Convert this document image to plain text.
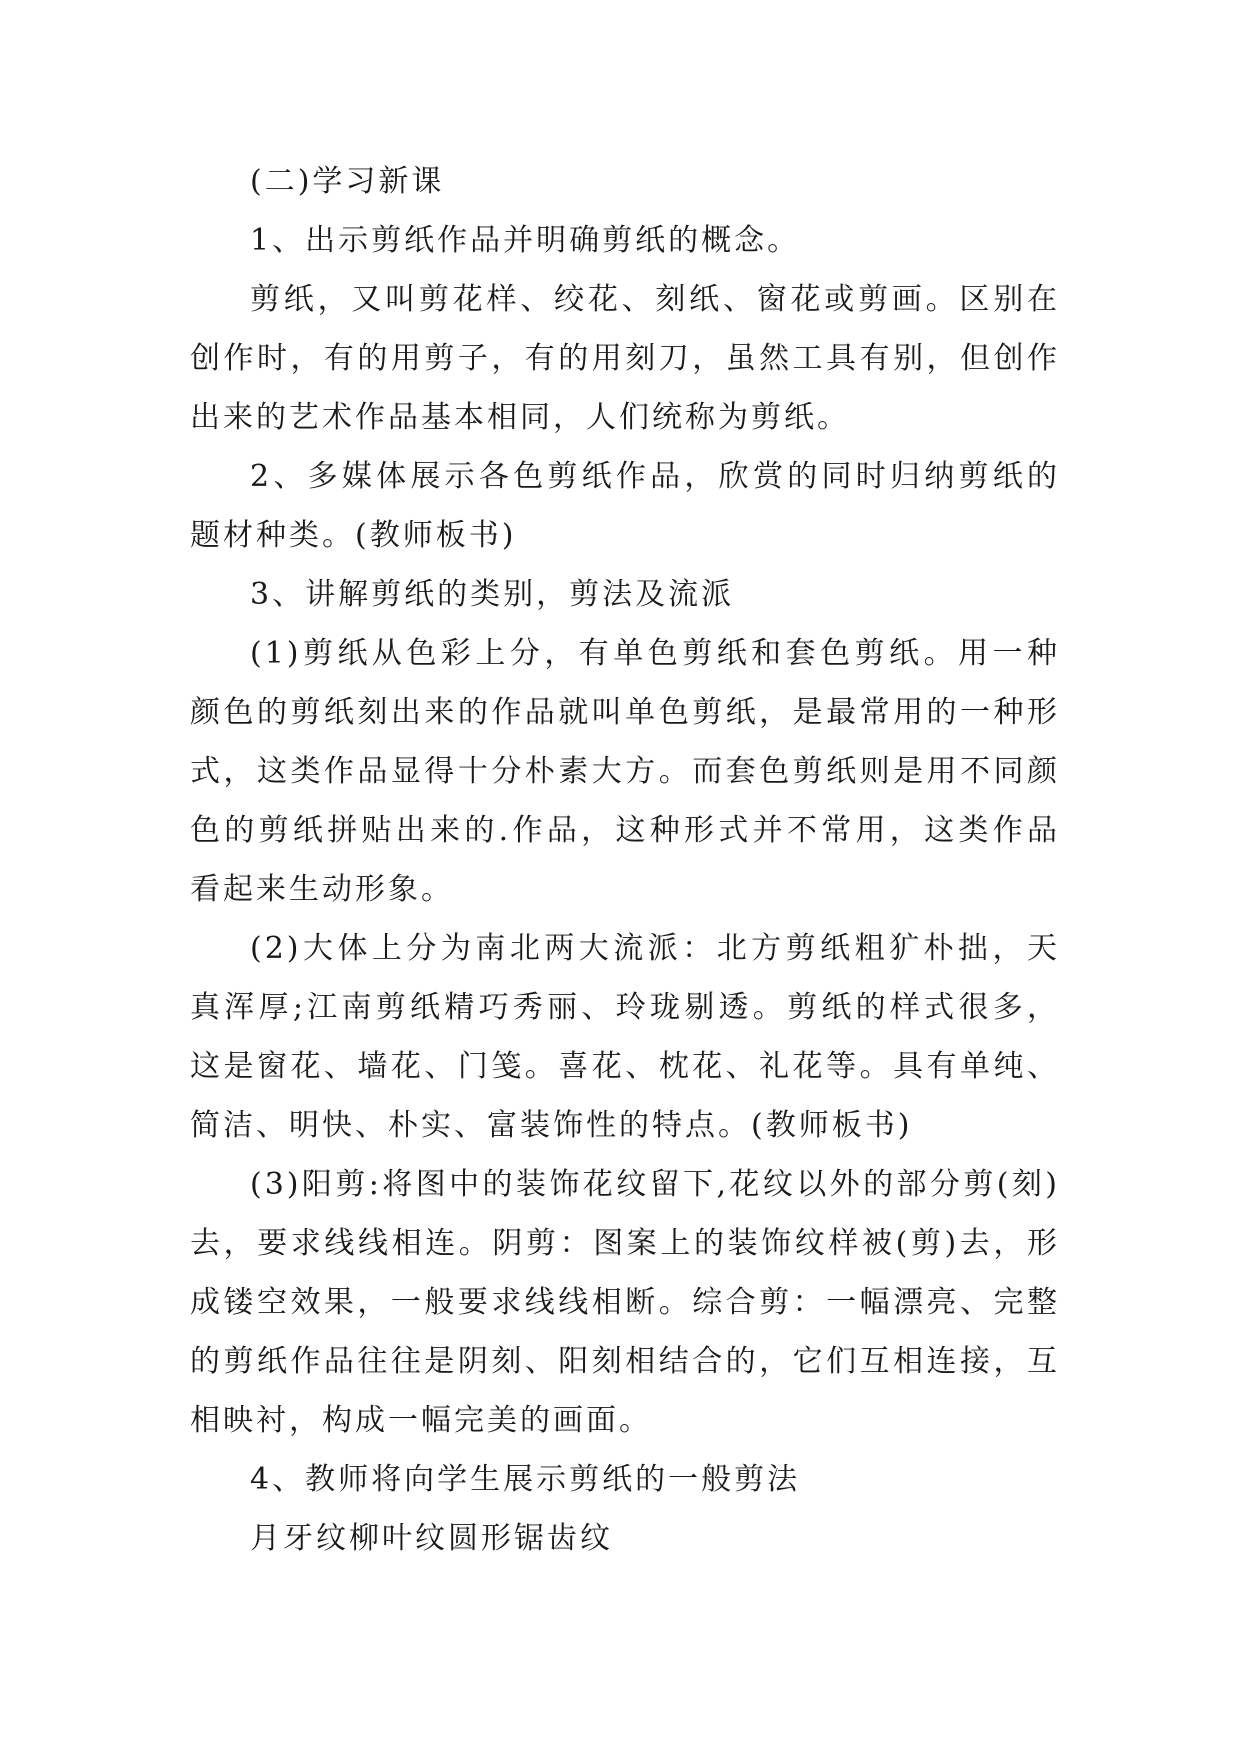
(二)学习新课

1、出示剪纸作品并明确剪纸的概念。

剪纸，又叫剪花样、绞花、刻纸、窗花或剪画。区别在创作时，有的用剪子，有的用刻刀，虽然工具有别，但创作出来的艺术作品基本相同，人们统称为剪纸。

2、多媒体展示各色剪纸作品，欣赏的同时归纳剪纸的题材种类。(教师板书)

3、讲解剪纸的类别，剪法及流派

(1)剪纸从色彩上分，有单色剪纸和套色剪纸。用一种颜色的剪纸刻出来的作品就叫单色剪纸，是最常用的一种形式，这类作品显得十分朴素大方。而套色剪纸则是用不同颜色的剪纸拼贴出来的.作品，这种形式并不常用，这类作品看起来生动形象。

(2)大体上分为南北两大流派：北方剪纸粗犷朴拙，天真浑厚;江南剪纸精巧秀丽、玲珑剔透。剪纸的样式很多，这是窗花、墙花、门笺。喜花、枕花、礼花等。具有单纯、简洁、明快、朴实、富装饰性的特点。(教师板书)

(3)阳剪:将图中的装饰花纹留下,花纹以外的部分剪(刻)去，要求线线相连。阴剪：图案上的装饰纹样被(剪)去，形成镂空效果，一般要求线线相断。综合剪：一幅漂亮、完整的剪纸作品往往是阴刻、阳刻相结合的，它们互相连接，互相映衬，构成一幅完美的画面。

4、教师将向学生展示剪纸的一般剪法

月牙纹柳叶纹圆形锯齿纹
